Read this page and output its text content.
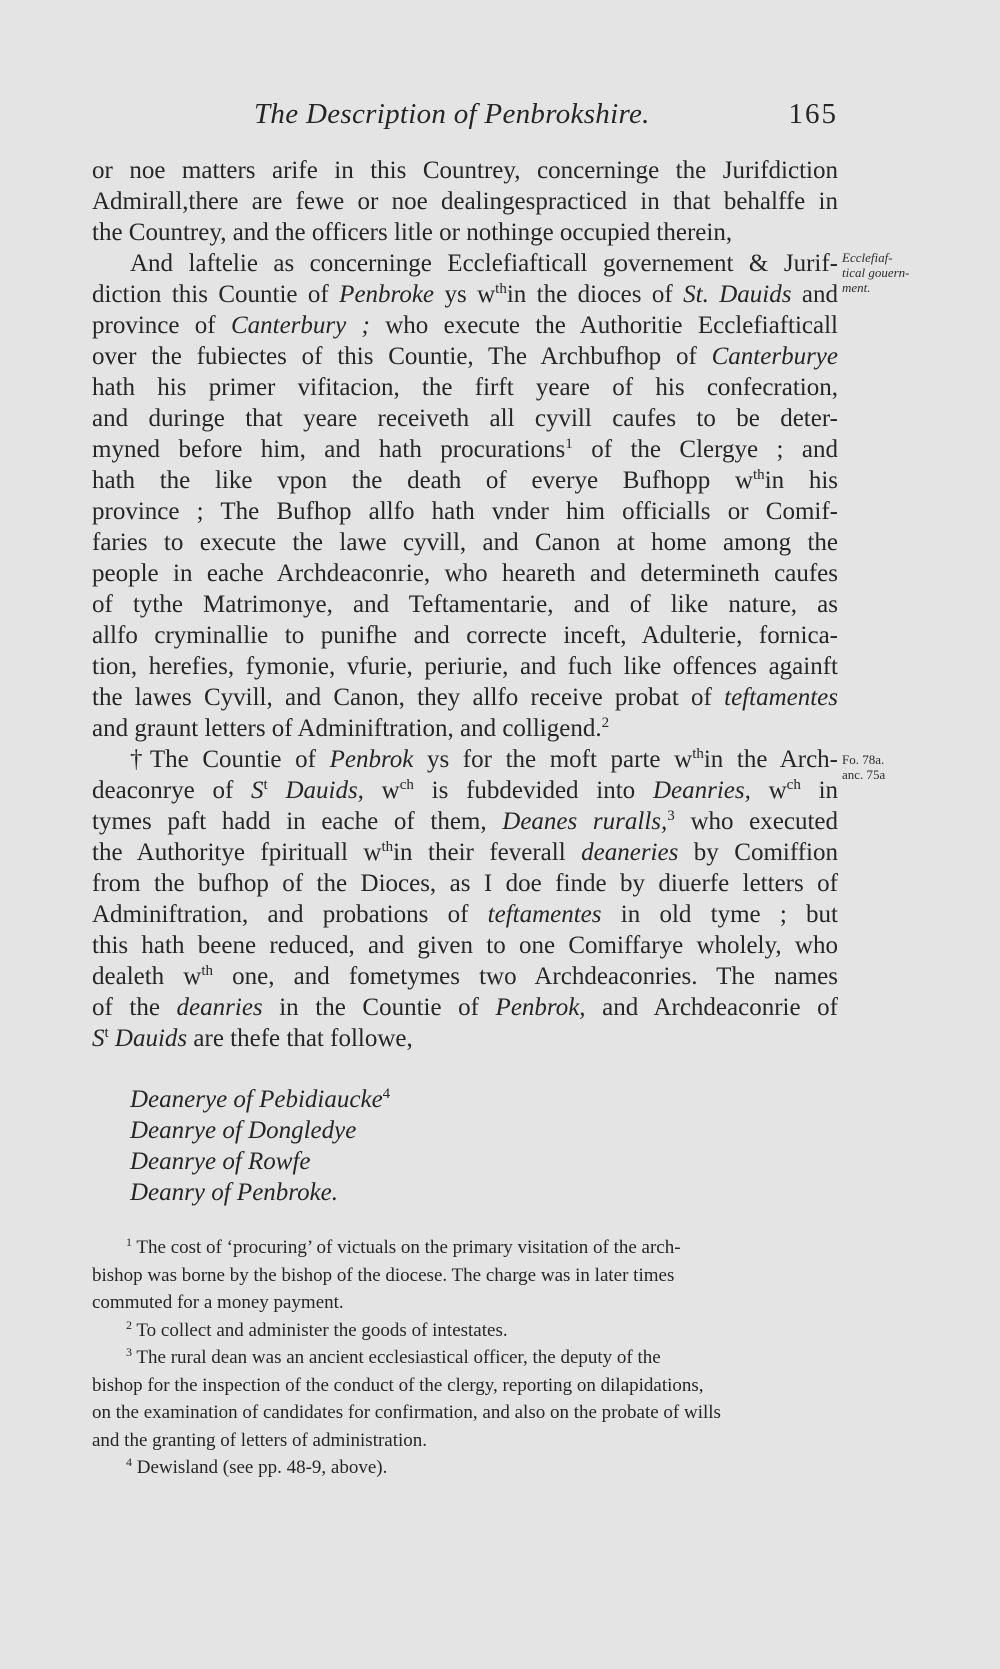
The Description of Penbrokshire.	165
Ecclefiaf-
tical gouern-
ment.
Fo. 78a.
anc. 75a
or noe matters arife in this Countrey, concerninge the Jurifdiction
Admirall,there are fewe or noe dealingespracticed in that behalffe in
the Countrey, and the officers litle or nothinge occupied therein,
And laftelie as concerninge Ecclefiafticall governement & Jurif-
diction this Countie of Penbroke ys $w^{th}in$ the dioces of St. Dauids and
province of Canterbury ; who execute the Authoritie Ecclefiafticall
over the fubiectes of this Countie, The Archbufhop of Canterburye
hath his primer vifitacion, the firft yeare of his confecration,
and duringe that yeare receiveth all cyvill caufes to be deter-
myned before him, and hath procurations$^1$ of the Clergye ; and
hath the like vpon the death of everye Bufhopp $w^{th}in$ his
province ; The Bufhop allfo hath vnder him officialls or Comif-
faries to execute the lawe cyvill, and Canon at home among the
people in eache Archdeaconrie, who heareth and determineth caufes
of tythe Matrimonye, and Teftamentarie, and of like nature, as
allfo cryminallie to punifhe and correcte inceft, Adulterie, fornica-
tion, herefies, fymonie, vfurie, periurie, and fuch like offences againft
the lawes Cyvill, and Canon, they allfo receive probat of teftamentes
and graunt letters of Adminiftration, and colligend.$^2$
†The Countie of Penbrok ys for the moft parte $w^{th}in$ the Arch-
deaconrye of $S^t$ Dauids, $w^{ch}$ is fubdevided into Deanries, $w^{ch}$ in
tymes paft hadd in eache of them, Deanes ruralls,$^3$ who executed
the Authoritye fpirituall $w^{th}in$ their feverall deaneries by Comiffion
from the bufhop of the Dioces, as I doe finde by diuerfe letters of
Adminiftration, and probations of teftamentes in old tyme ; but
this hath beene reduced, and given to one Comiffarye wholely, who
dealeth $w^{th}$ one, and fometymes two Archdeaconries. The names
of the deanries in the Countie of Penbrok, and Archdeaconrie of
$S^t$ Dauids are thefe that followe,
Deanerye of Pebidiaucke$^4$
Deanrye of Dongledye
Deanrye of Rowfe
Deanry of Penbroke.
$^1$ The cost of ‘procuring’ of victuals on the primary visitation of the arch-
bishop was borne by the bishop of the diocese. The charge was in later times
commuted for a money payment.
$^2$ To collect and administer the goods of intestates.
$^3$ The rural dean was an ancient ecclesiastical officer, the deputy of the
bishop for the inspection of the conduct of the clergy, reporting on dilapidations,
on the examination of candidates for confirmation, and also on the probate of wills
and the granting of letters of administration.
$^4$ Dewisland (see pp. 48-9, above).
